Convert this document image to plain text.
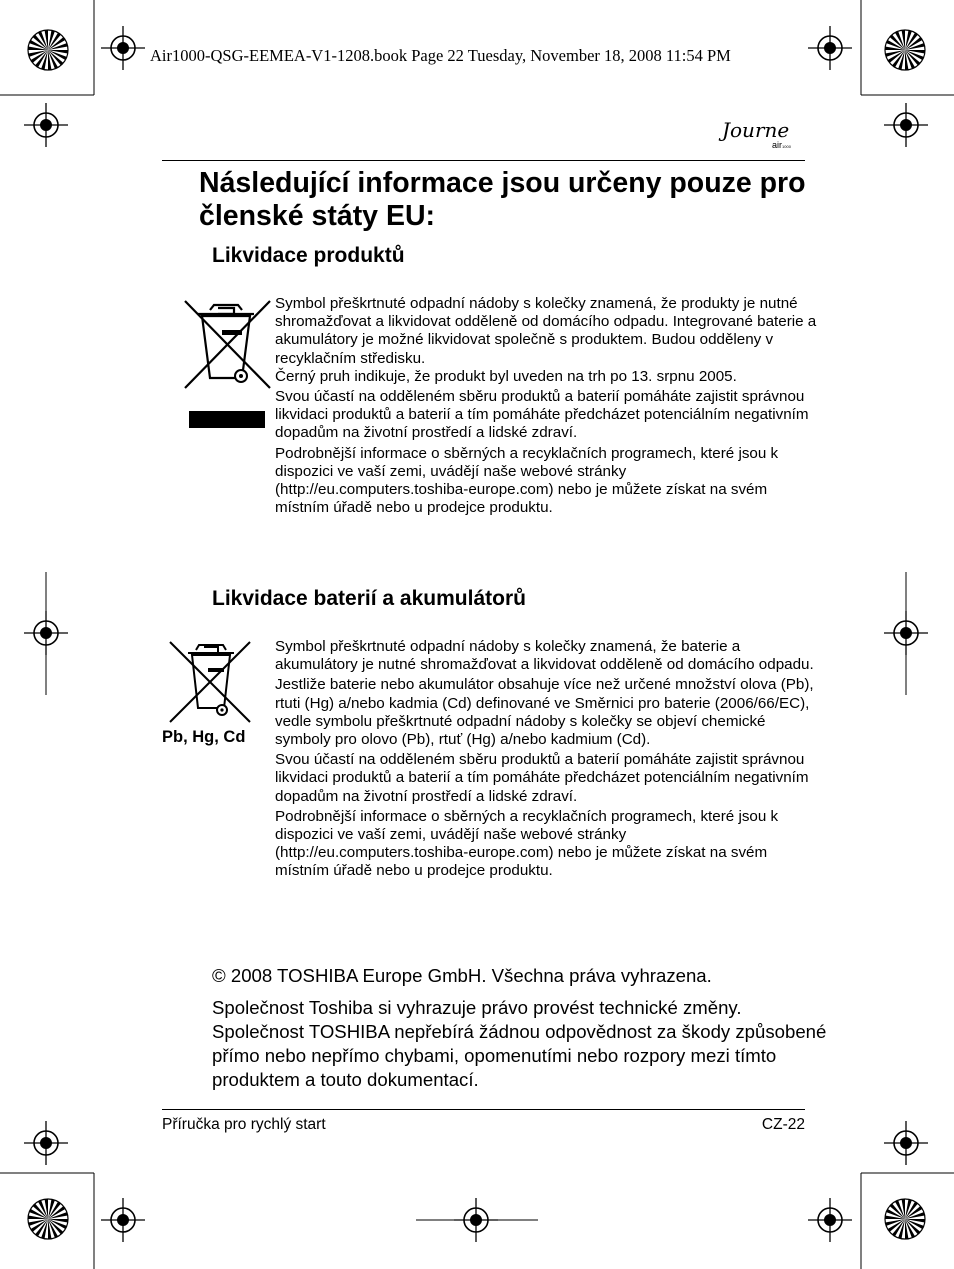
Air1000-QSG-EEMEA-V1-1208.book Page 22 Tuesday, November 18, 2008 11:54 PM
Journe
air1000
Následující informace jsou určeny pouze pro členské státy EU:
Likvidace produktů

Symbol přeškrtnuté odpadní nádoby s kolečky znamená, že produkty je nutné shromažďovat a likvidovat odděleně od domácího odpadu. Integrované baterie a akumulátory je možné likvidovat společně s produktem. Budou odděleny v recyklačním středisku.

Černý pruh indikuje, že produkt byl uveden na trh po 13. srpnu 2005.

Svou účastí na odděleném sběru produktů a baterií pomáháte zajistit správnou likvidaci produktů a baterií a tím pomáháte předcházet potenciálním negativním dopadům na životní prostředí a lidské zdraví.

Podrobnější informace o sběrných a recyklačních programech, které jsou k dispozici ve vaší zemi, uvádějí naše webové stránky (http://eu.computers.toshiba-europe.com) nebo je můžete získat na svém místním úřadě nebo u prodejce produktu.

Likvidace baterií a akumulátorů
Pb, Hg, Cd

Symbol přeškrtnuté odpadní nádoby s kolečky znamená, že baterie a akumulátory je nutné shromažďovat a likvidovat odděleně od domácího odpadu.

Jestliže baterie nebo akumulátor obsahuje více než určené množství olova (Pb), rtuti (Hg) a/nebo kadmia (Cd) definované ve Směrnici pro baterie (2006/66/EC), vedle symbolu přeškrtnuté odpadní nádoby s kolečky se objeví chemické symboly pro olovo (Pb), rtuť (Hg) a/nebo kadmium (Cd).

Svou účastí na odděleném sběru produktů a baterií pomáháte zajistit správnou likvidaci produktů a baterií a tím pomáháte předcházet potenciálním negativním dopadům na životní prostředí a lidské zdraví.

Podrobnější informace o sběrných a recyklačních programech, které jsou k dispozici ve vaší zemi, uvádějí naše webové stránky (http://eu.computers.toshiba-europe.com) nebo je můžete získat na svém místním úřadě nebo u prodejce produktu.

© 2008 TOSHIBA Europe GmbH. Všechna práva vyhrazena.

Společnost Toshiba si vyhrazuje právo provést technické změny. Společnost TOSHIBA nepřebírá žádnou odpovědnost za škody způsobené přímo nebo nepřímo chybami, opomenutími nebo rozpory mezi tímto produktem a touto dokumentací.

Příručka pro rychlý start	CZ-22
